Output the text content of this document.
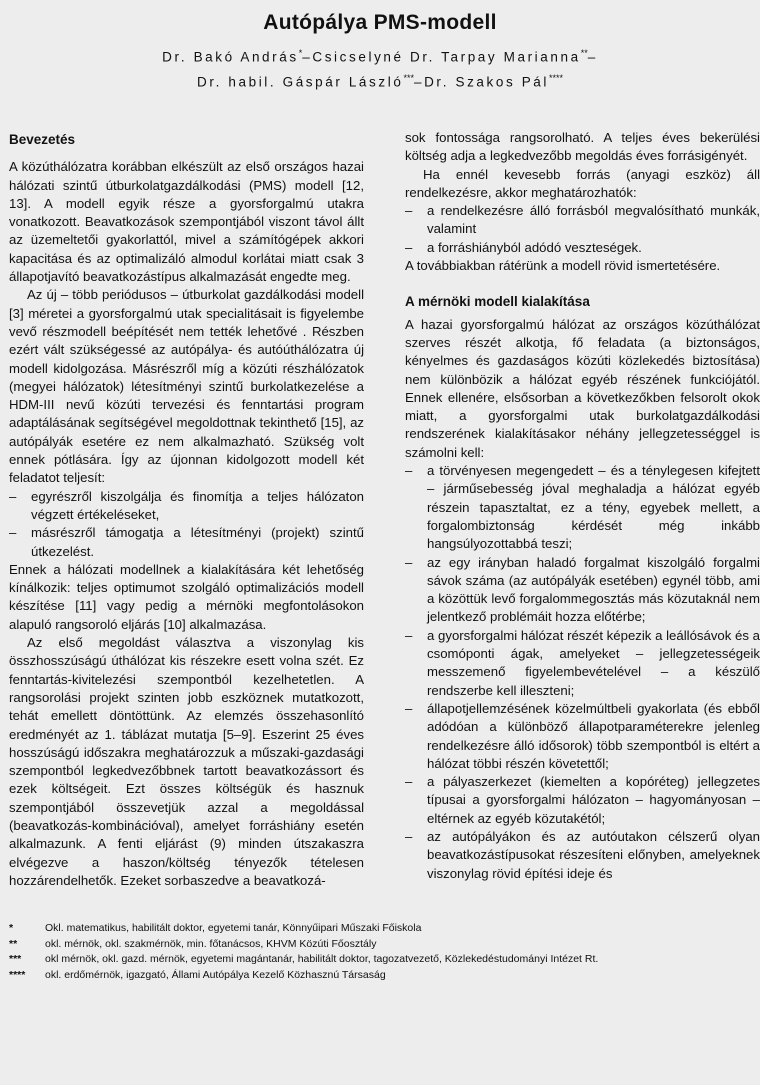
Autópálya PMS-modell
Dr. Bakó András*–Csicselyné Dr. Tarpay Marianna**–
Dr. habil. Gáspár László***–Dr. Szakos Pál****
Bevezetés

A közúthálózatra korábban elkészült az első országos hazai hálózati szintű útburkolatgazdálkodási (PMS) modell [12, 13]. A modell egyik része a gyorsforgalmú utakra vonatkozott. Beavatkozások szempontjából viszont távol állt az üzemeltetői gyakorlattól, mivel a számítógépek akkori kapacitása és az optimalizáló almodul korlátai miatt csak 3 állapotjavító beavatkozástípus alkalmazását engedte meg.

Az új – több periódusos – útburkolat gazdálkodási modell [3] méretei a gyorsforgalmú utak specialitásait is figyelembe vevő részmodell beépítését nem tették lehetővé . Részben ezért vált szükségessé az autópálya- és autóúthálózatra új modell kidolgozása. Másrészről míg a közúti részhálózatok (megyei hálózatok) létesítményi szintű burkolatkezelése a HDM-III nevű közúti tervezési és fenntartási program adaptálásának segítségével megoldottnak tekinthető [15], az autópályák esetére ez nem alkalmazható. Szükség volt ennek pótlására. Így az újonnan kidolgozott modell két feladatot teljesít:

– egyrészről kiszolgálja és finomítja a teljes hálózaton végzett értékeléseket,
– másrészről támogatja a létesítményi (projekt) szintű útkezelést.

Ennek a hálózati modellnek a kialakítására két lehetőség kínálkozik: teljes optimumot szolgáló optimalizációs modell készítése [11] vagy pedig a mérnöki megfontolásokon alapuló rangsoroló eljárás [10] alkalmazása.

Az első megoldást választva a viszonylag kis összhosszúságú úthálózat kis részekre esett volna szét. Ez fenntartás-kivitelezési szempontból kezelhetetlen. A rangsorolási projekt szinten jobb eszköznek mutatkozott, tehát emellett döntöttünk. Az elemzés összehasonlító eredményét az 1. táblázat mutatja [5–9]. Eszerint 25 éves hosszúságú időszakra meghatározzuk a műszaki-gazdasági szempontból legkedvezőbbnek tartott beavatkozássort és ezek költségeit. Ezt összes költségük és hasznuk szempontjából összevetjük azzal a megoldással (beavatkozás-kombinációval), amelyet forráshiány esetén alkalmazunk. A fenti eljárást (9) minden útszakaszra elvégezve a haszon/költség tényezők tételesen hozzárendelhetők. Ezeket sorbaszedve a beavatkozá-

sok fontossága rangsorolható. A teljes éves bekerülési költség adja a legkedvezőbb megoldás éves forrásigényét.

Ha ennél kevesebb forrás (anyagi eszköz) áll rendelkezésre, akkor meghatározhatók:

– a rendelkezésre álló forrásból megvalósítható munkák, valamint
– a forráshiányból adódó veszteségek.

A továbbiakban rátérünk a modell rövid ismertetésére.

A mérnöki modell kialakítása

A hazai gyorsforgalmú hálózat az országos közúthálózat szerves részét alkotja, fő feladata (a biztonságos, kényelmes és gazdaságos közúti közlekedés biztosítása) nem különbözik a hálózat egyéb részének funkciójától. Ennek ellenére, elsősorban a következőkben felsorolt okok miatt, a gyorsforgalmi utak burkolatgazdálkodási rendszerének kialakításakor néhány jellegzetességgel is számolni kell:

– a törvényesen megengedett – és a ténylegesen kifejtett – járműsebesség jóval meghaladja a hálózat egyéb részein tapasztaltat, ez a tény, egyebek mellett, a forgalombiztonság kérdését még inkább hangsúlyozottabbá teszi;
– az egy irányban haladó forgalmat kiszolgáló forgalmi sávok száma (az autópályák esetében) egynél több, ami a közöttük levő forgalommegosztás más közutaknál nem jelentkező problémáit hozza előtérbe;
– a gyorsforgalmi hálózat részét képezik a leállósávok és a csomóponti ágak, amelyeket – jellegzetességeik messzemenő figyelembevételével – a készülő rendszerbe kell illeszteni;
– állapotjellemzésének közelmúltbeli gyakorlata (és ebből adódóan a különböző állapotparaméterekre jelenleg rendelkezésre álló idősorok) több szempontból is eltért a hálózat többi részén követettől;
– a pályaszerkezet (kiemelten a kopóréteg) jellegzetes típusai a gyorsforgalmi hálózaton – hagyományosan – eltérnek az egyéb közutakétól;
– az autópályákon és az autóutakon célszerű olyan beavatkozástípusokat részesíteni előnyben, amelyeknek viszonylag rövid építési ideje és
*	Okl. matematikus, habilitált doktor, egyetemi tanár, Könnyűipari Műszaki Főiskola
**	okl. mérnök, okl. szakmérnök, min. főtanácsos, KHVM Közúti Főosztály
***	okl mérnök, okl. gazd. mérnök, egyetemi magántanár, habilitált doktor, tagozatvezető, Közlekedéstudományi Intézet Rt.
****	okl. erdőmérnök, igazgató, Állami Autópálya Kezelő Közhasznú Társaság
